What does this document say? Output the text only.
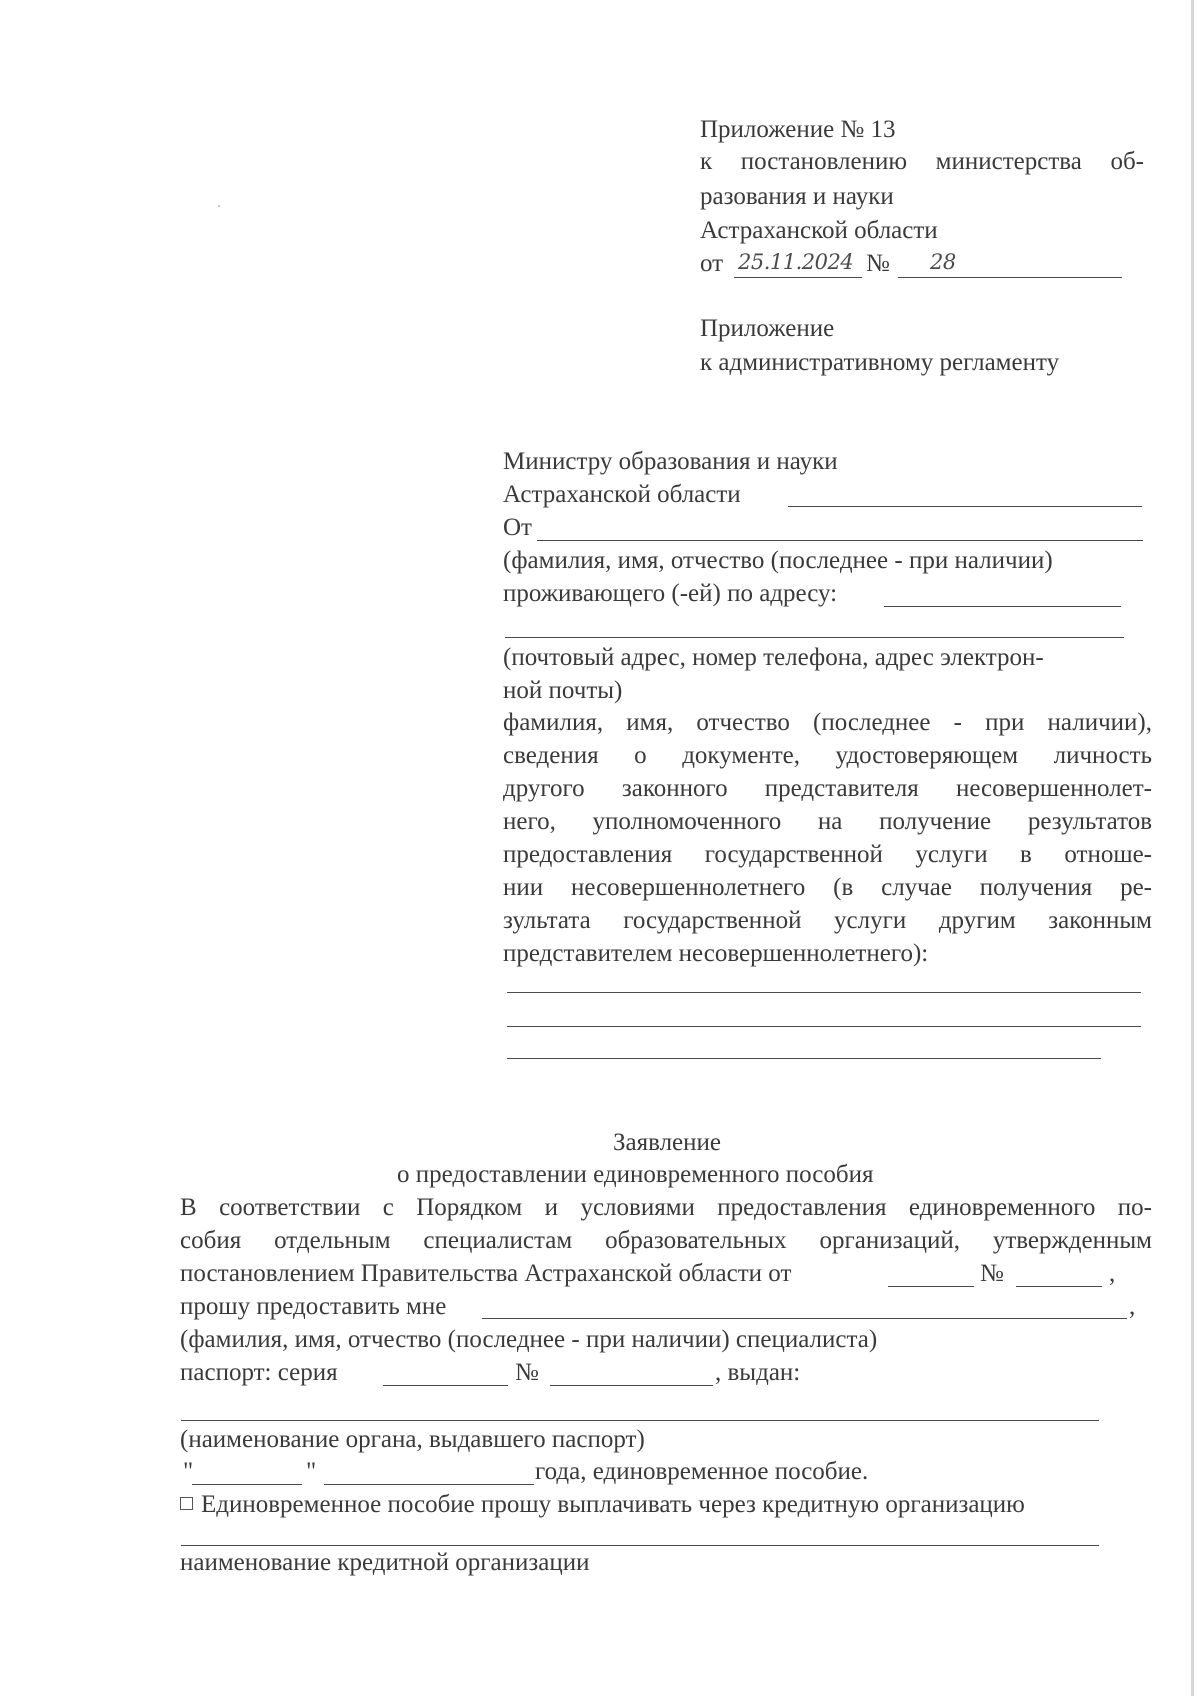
Приложение № 13
к постановлению министерства об-
разования и науки
Астраханской области
от 25.11.2024 № 28
Приложение
к административному регламенту
Министру образования и науки
Астраханской области
От
(фамилия, имя, отчество (последнее - при наличии)
проживающего (-ей) по адресу:
(почтовый адрес, номер телефона, адрес электрон-
ной почты)
фамилия, имя, отчество (последнее - при наличии),
сведения о документе, удостоверяющем личность
другого законного представителя несовершеннолет-
него, уполномоченного на получение результатов
предоставления государственной услуги в отноше-
нии несовершеннолетнего (в случае получения ре-
зультата государственной услуги другим законным
представителем несовершеннолетнего):
Заявление
о предоставлении единовременного пособия
В соответствии с Порядком и условиями предоставления единовременного по-
собия отдельным специалистам образовательных организаций, утвержденным
постановлением Правительства Астраханской области от	№	,
прошу предоставить мне	,
(фамилия, имя, отчество (последнее - при наличии) специалиста)
паспорт: серия	№	, выдан:
(наименование органа, выдавшего паспорт)
"	"	года, единовременное пособие.
Единовременное пособие прошу выплачивать через кредитную организацию
наименование кредитной организации
